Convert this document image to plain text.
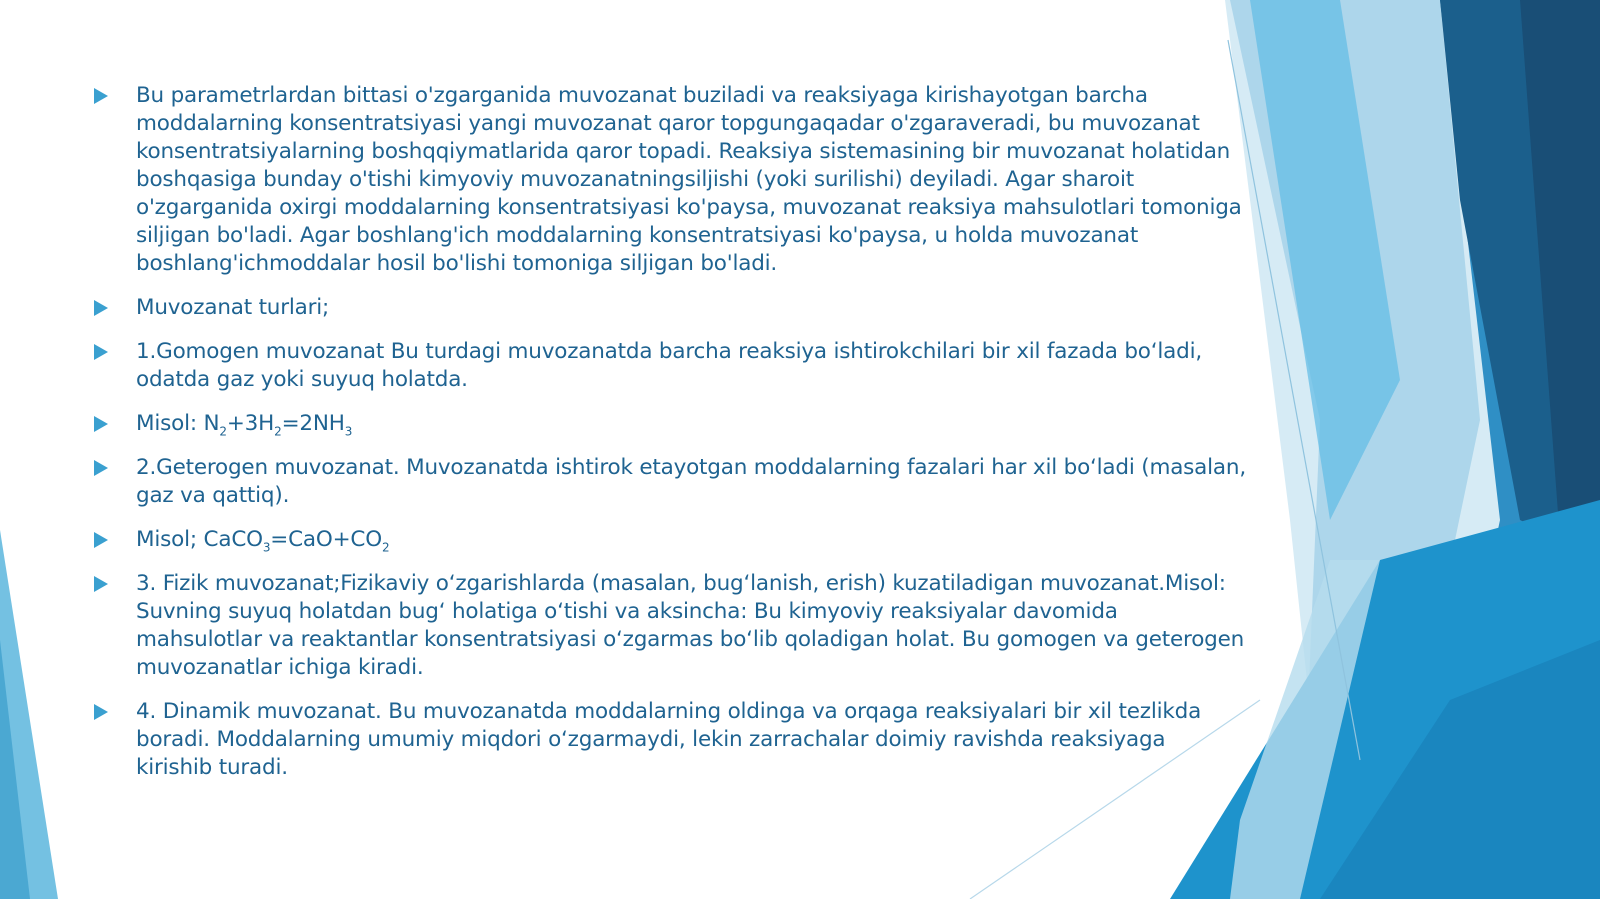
Bu parametrlardan bittasi o'zgarganida muvozanat buziladi va reaksiyaga kirishayotgan barcha moddalarning konsentratsiyasi yangi muvozanat qaror topgungaqadar o'zgaraveradi, bu muvozanat konsentratsiyalarning boshqqiymatlarida qaror topadi. Reaksiya sistemasining bir muvozanat holatidan boshqasiga bunday o'tishi kimyoviy muvozanatningsiljishi (yoki surilishi) deyiladi. Agar sharoit o'zgarganida oxirgi moddalarning konsentratsiyasi ko'paysa, muvozanat reaksiya mahsulotlari tomoniga siljigan bo'ladi. Agar boshlang'ich moddalarning konsentratsiyasi ko'paysa, u holda muvozanat boshlang'ichmoddalar hosil bo'lishi tomoniga siljigan bo'ladi.
Muvozanat turlari;
1.Gomogen muvozanat Bu turdagi muvozanatda barcha reaksiya ishtirokchilari bir xil fazada bo‘ladi, odatda gaz yoki suyuq holatda.
Misol: $N_2+3H_2=2NH_3$
2.Geterogen muvozanat. Muvozanatda ishtirok etayotgan moddalarning fazalari har xil bo‘ladi (masalan, gaz va qattiq).
Misol; $CaCO_3=CaO+CO_2$
3. Fizik muvozanat;Fizikaviy o‘zgarishlarda (masalan, bug‘lanish, erish) kuzatiladigan muvozanat.Misol: Suvning suyuq holatdan bug‘ holatiga o‘tishi va aksincha: Bu kimyoviy reaksiyalar davomida mahsulotlar va reaktantlar konsentratsiyasi o‘zgarmas bo‘lib qoladigan holat. Bu gomogen va geterogen muvozanatlar ichiga kiradi.
4. Dinamik muvozanat. Bu muvozanatda moddalarning oldinga va orqaga reaksiyalari bir xil tezlikda boradi. Moddalarning umumiy miqdori o‘zgarmaydi, lekin zarrachalar doimiy ravishda reaksiyaga kirishib turadi.
